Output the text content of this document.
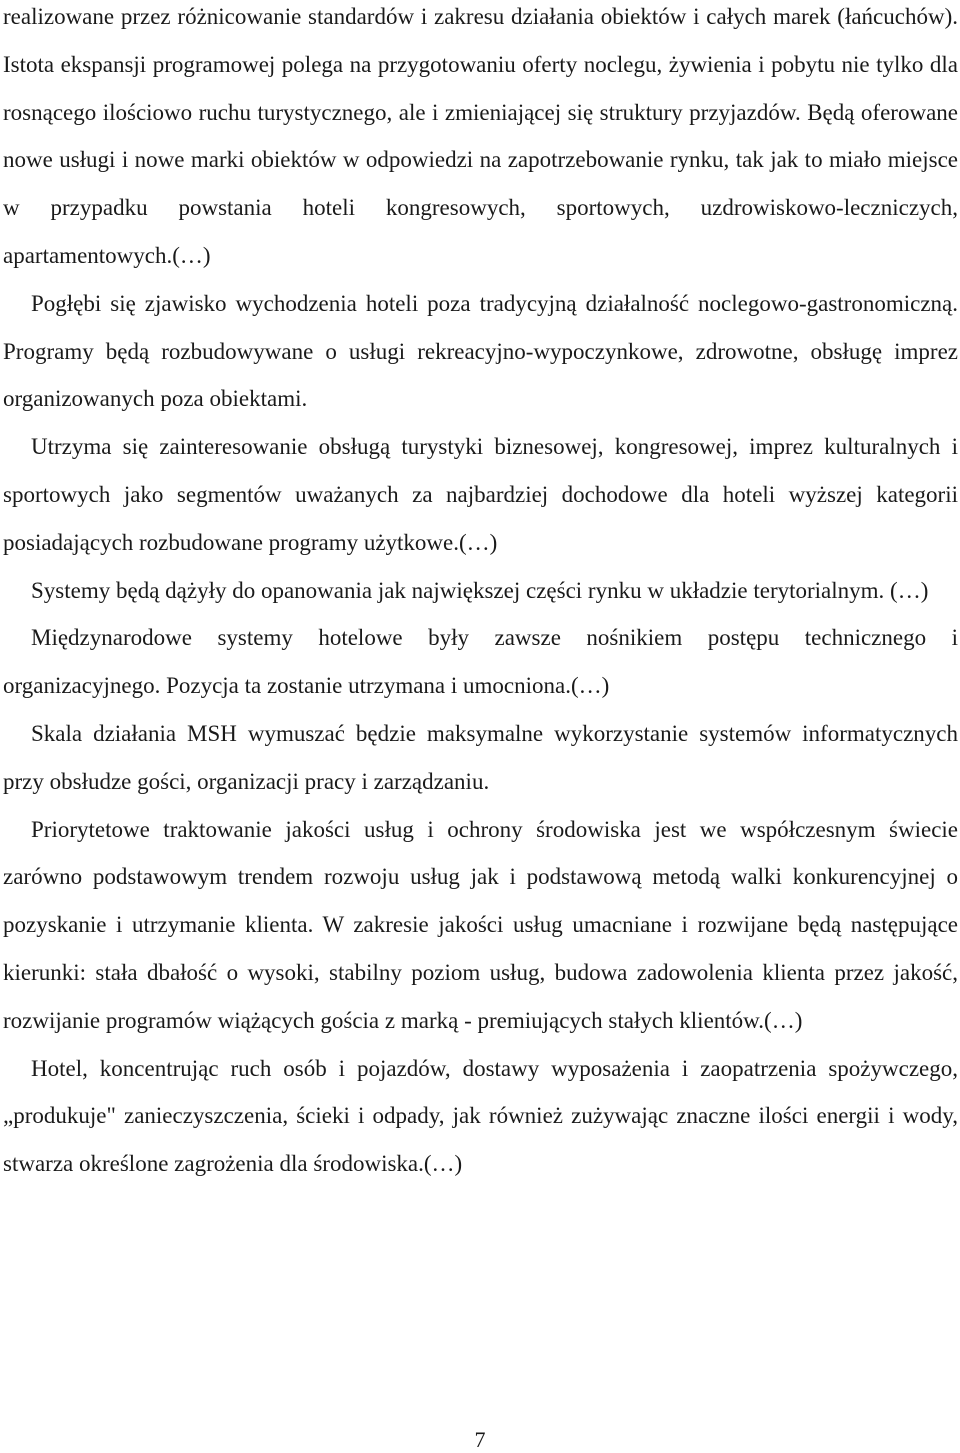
realizowane przez różnicowanie standardów i zakresu działania obiektów i całych marek (łańcuchów). Istota ekspansji programowej polega na przygotowaniu oferty noclegu, żywienia i pobytu nie tylko dla rosnącego ilościowo ruchu turystycznego, ale i zmieniającej się struktury przyjazdów. Będą oferowane nowe usługi i nowe marki obiektów w odpowiedzi na zapotrzebowanie rynku, tak jak to miało miejsce w przypadku powstania hoteli kongresowych, sportowych, uzdrowiskowo-leczniczych, apartamentowych.(…)

Pogłębi się zjawisko wychodzenia hoteli poza tradycyjną działalność noclegowo-gastronomiczną. Programy będą rozbudowywane o usługi rekreacyjno-wypoczynkowe, zdrowotne, obsługę imprez organizowanych poza obiektami.

Utrzyma się zainteresowanie obsługą turystyki biznesowej, kongresowej, imprez kulturalnych i sportowych jako segmentów uważanych za najbardziej dochodowe dla hoteli wyższej kategorii posiadających rozbudowane programy użytkowe.(…)

Systemy będą dążyły do opanowania jak największej części rynku w układzie terytorialnym. (…)

Międzynarodowe systemy hotelowe były zawsze nośnikiem postępu technicznego i organizacyjnego. Pozycja ta zostanie utrzymana i umocniona.(…)

Skala działania MSH wymuszać będzie maksymalne wykorzystanie systemów informatycznych przy obsłudze gości, organizacji pracy i zarządzaniu.

Priorytetowe traktowanie jakości usług i ochrony środowiska jest we współczesnym świecie zarówno podstawowym trendem rozwoju usług jak i podstawową metodą walki konkurencyjnej o pozyskanie i utrzymanie klienta. W zakresie jakości usług umacniane i rozwijane będą następujące kierunki: stała dbałość o wysoki, stabilny poziom usług, budowa zadowolenia klienta przez jakość, rozwijanie programów wiążących gościa z marką - premiujących stałych klientów.(…)

Hotel, koncentrując ruch osób i pojazdów, dostawy wyposażenia i zaopatrzenia spożywczego, „produkuje" zanieczyszczenia, ścieki i odpady, jak również zużywając znaczne ilości energii i wody, stwarza określone zagrożenia dla środowiska.(…)

7
